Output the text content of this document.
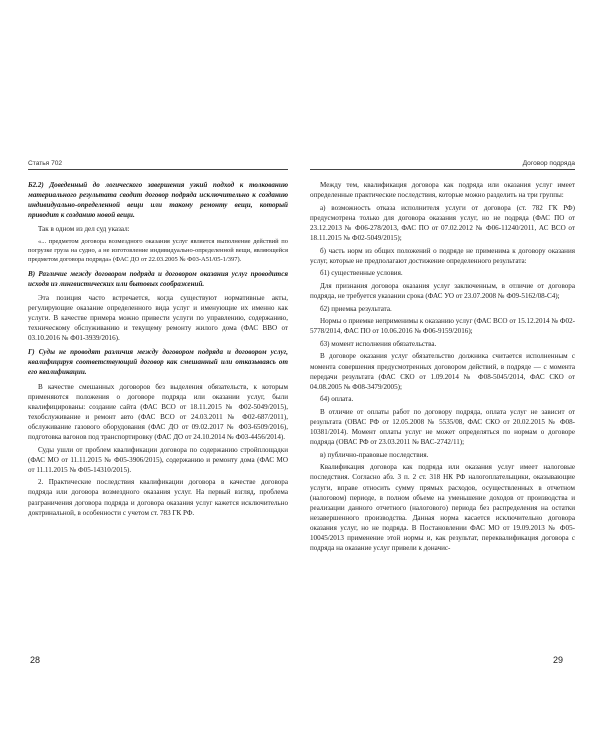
Статья 702

Б2.2) Доведенный до логического завершения узкий подход к толкованию материального результата сводит договор подряда исключительно к созданию индивидуально-определенной вещи или такому ремонту вещи, который приводит к созданию новой вещи.

Так в одном из дел суд указал:

«... предметом договора возмездного оказания услуг является выполнение действий по погрузке груза на судно, а не изготовление индивидуально-определенной вещи, являющейся предметом договора подряда» (ФАС ДО от 22.03.2005 № Ф03-А51/05-1/397).

В) Различие между договором подряда и договором оказания услуг проводится исходя из лингвистических или бытовых соображений.

Эта позиция часто встречается, когда существуют нормативные акты, регулирующие оказание определенного вида услуг и именующие их именно как услуги. В качестве примера можно привести услуги по управлению, содержанию, техническому обслуживанию и текущему ремонту жилого дома (ФАС ВВО от 03.10.2016 № Ф01-3939/2016).

Г) Суды не проводят различия между договором подряда и договором услуг, квалифицируя соответствующий договор как смешанный или отказываясь от его квалификации.

В качестве смешанных договоров без выделения обязательств, к которым применяются положения о договоре подряда или оказании услуг, были квалифицированы: создание сайта (ФАС ВСО от 18.11.2015 № Ф02-5049/2015), техобслуживание и ремонт авто (ФАС ВСО от 24.03.2011 № Ф02-687/2011), обслуживание газового оборудования (ФАС ДО от 09.02.2017 № Ф03-6509/2016), подготовка вагонов под транспортировку (ФАС ДО от 24.10.2014 № Ф03-4456/2014).

Суды ушли от проблем квалификации договора по содержанию стройплощадки (ФАС МО от 11.11.2015 № Ф05-3906/2015), содержанию и ремонту дома (ФАС МО от 11.11.2015 № Ф05-14310/2015).

2. Практические последствия квалификации договора в качестве договора подряда или договора возмездного оказания услуг. На первый взгляд, проблема разграничения договора подряда и договора оказания услуг кажется исключительно доктринальной, в особенности с учетом ст. 783 ГК РФ.

28
Договор подряда

Между тем, квалификация договора как подряда или оказания услуг имеет определенные практические последствия, которые можно разделить на три группы:

а) возможность отказа исполнителя услуги от договора (ст. 782 ГК РФ) предусмотрена только для договора оказания услуг, но не подряда (ФАС ПО от 23.12.2013 № Ф06-278/2013, ФАС ПО от 07.02.2012 № Ф06-11240/2011, АС ВСО от 18.11.2015 № Ф02-5049/2015);

б) часть норм из общих положений о подряде не применима к договору оказания услуг, которые не предполагают достижение определенного результата:

б1) существенные условия.

Для признания договора оказания услуг заключенным, в отличие от договора подряда, не требуется указании срока (ФАС УО от 23.07.2008 № Ф09-5162/08-С4);

б2) приемка результата.

Нормы о приемке неприменимы к оказанию услуг (ФАС ВСО от 15.12.2014 № Ф02-5778/2014, ФАС ПО от 10.06.2016 № Ф06-9159/2016);

б3) момент исполнения обязательства.

В договоре оказания услуг обязательство должника считается исполненным с момента совершения предусмотренных договором действий, в подряде — с момента передачи результата (ФАС СКО от 1.09.2014 № Ф08-5045/2014, ФАС СКО от 04.08.2005 № Ф08-3479/2005);

б4) оплата.

В отличие от оплаты работ по договору подряда, оплата услуг не зависит от результата (ОВАС РФ от 12.05.2008 № 5535/08, ФАС СКО от 20.02.2015 № Ф08-10381/2014). Момент оплаты услуг не может определяться по нормам о договоре подряда (ОВАС РФ от 23.03.2011 № ВАС-2742/11);

в) публично-правовые последствия.

Квалификация договора как подряда или оказания услуг имеет налоговые последствия. Согласно абз. 3 п. 2 ст. 318 НК РФ налогоплательщики, оказывающие услуги, вправе относить сумму прямых расходов, осуществленных в отчетном (налоговом) периоде, в полном объеме на уменьшение доходов от производства и реализации данного отчетного (налогового) периода без распределения на остатки незавершенного производства. Данная норма касается исключительно договора оказания услуг, но не подряда. В Постановлении ФАС МО от 19.09.2013 № Ф05-10045/2013 применение этой нормы и, как результат, переквалификация договора с подряда на оказание услуг привели к доначис-

29
